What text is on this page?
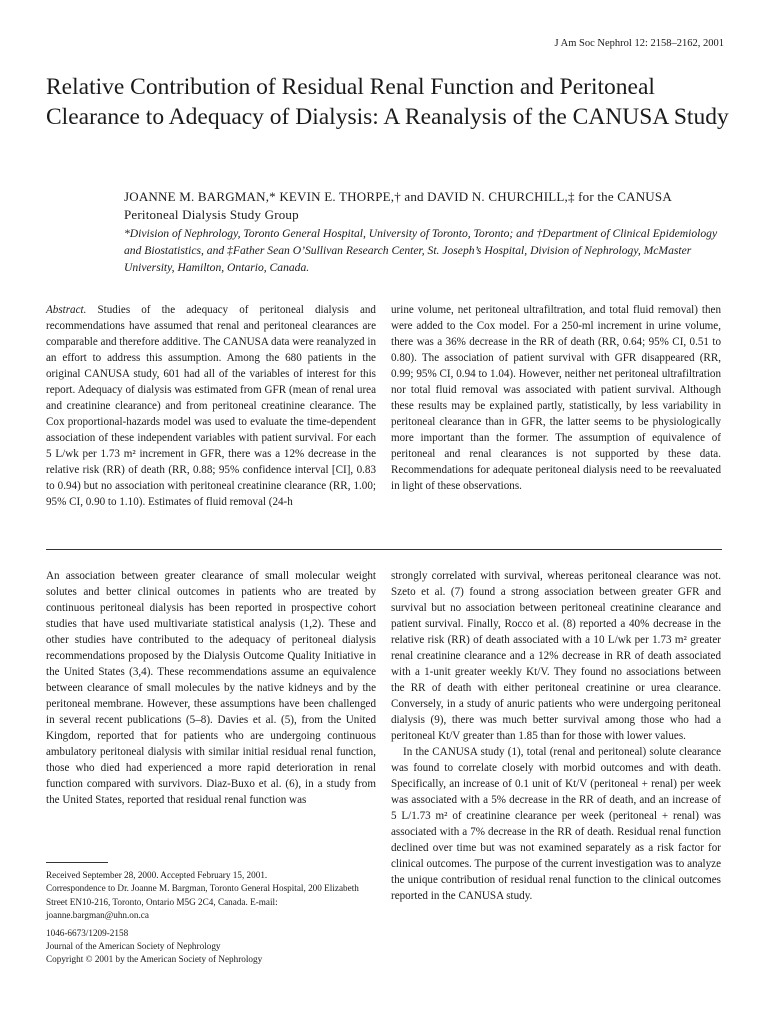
J Am Soc Nephrol 12: 2158–2162, 2001
Relative Contribution of Residual Renal Function and Peritoneal Clearance to Adequacy of Dialysis: A Reanalysis of the CANUSA Study
JOANNE M. BARGMAN,* KEVIN E. THORPE,† and DAVID N. CHURCHILL,‡ for the CANUSA Peritoneal Dialysis Study Group
*Division of Nephrology, Toronto General Hospital, University of Toronto, Toronto; and †Department of Clinical Epidemiology and Biostatistics, and ‡Father Sean O’Sullivan Research Center, St. Joseph’s Hospital, Division of Nephrology, McMaster University, Hamilton, Ontario, Canada.

Abstract. Studies of the adequacy of peritoneal dialysis and recommendations have assumed that renal and peritoneal clearances are comparable and therefore additive. The CANUSA data were reanalyzed in an effort to address this assumption. Among the 680 patients in the original CANUSA study, 601 had all of the variables of interest for this report. Adequacy of dialysis was estimated from GFR (mean of renal urea and creatinine clearance) and from peritoneal creatinine clearance. The Cox proportional-hazards model was used to evaluate the time-dependent association of these independent variables with patient survival. For each 5 L/wk per 1.73 m² increment in GFR, there was a 12% decrease in the relative risk (RR) of death (RR, 0.88; 95% confidence interval [CI], 0.83 to 0.94) but no association with peritoneal creatinine clearance (RR, 1.00; 95% CI, 0.90 to 1.10). Estimates of fluid removal (24-h

urine volume, net peritoneal ultrafiltration, and total fluid removal) then were added to the Cox model. For a 250-ml increment in urine volume, there was a 36% decrease in the RR of death (RR, 0.64; 95% CI, 0.51 to 0.80). The association of patient survival with GFR disappeared (RR, 0.99; 95% CI, 0.94 to 1.04). However, neither net peritoneal ultrafiltration nor total fluid removal was associated with patient survival. Although these results may be explained partly, statistically, by less variability in peritoneal clearance than in GFR, the latter seems to be physiologically more important than the former. The assumption of equivalence of peritoneal and renal clearances is not supported by these data. Recommendations for adequate peritoneal dialysis need to be reevaluated in light of these observations.

An association between greater clearance of small molecular weight solutes and better clinical outcomes in patients who are treated by continuous peritoneal dialysis has been reported in prospective cohort studies that have used multivariate statistical analysis (1,2). These and other studies have contributed to the adequacy of peritoneal dialysis recommendations proposed by the Dialysis Outcome Quality Initiative in the United States (3,4). These recommendations assume an equivalence between clearance of small molecules by the native kidneys and by the peritoneal membrane. However, these assumptions have been challenged in several recent publications (5–8). Davies et al. (5), from the United Kingdom, reported that for patients who are undergoing continuous ambulatory peritoneal dialysis with similar initial residual renal function, those who died had experienced a more rapid deterioration in renal function compared with survivors. Diaz-Buxo et al. (6), in a study from the United States, reported that residual renal function was

strongly correlated with survival, whereas peritoneal clearance was not. Szeto et al. (7) found a strong association between greater GFR and survival but no association between peritoneal creatinine clearance and patient survival. Finally, Rocco et al. (8) reported a 40% decrease in the relative risk (RR) of death associated with a 10 L/wk per 1.73 m² greater renal creatinine clearance and a 12% decrease in RR of death associated with a 1-unit greater weekly Kt/V. They found no associations between the RR of death with either peritoneal creatinine or urea clearance. Conversely, in a study of anuric patients who were undergoing peritoneal dialysis (9), there was much better survival among those who had a peritoneal Kt/V greater than 1.85 than for those with lower values.

In the CANUSA study (1), total (renal and peritoneal) solute clearance was found to correlate closely with morbid outcomes and with death. Specifically, an increase of 0.1 unit of Kt/V (peritoneal + renal) per week was associated with a 5% decrease in the RR of death, and an increase of 5 L/1.73 m² of creatinine clearance per week (peritoneal + renal) was associated with a 7% decrease in the RR of death. Residual renal function declined over time but was not examined separately as a risk factor for clinical outcomes. The purpose of the current investigation was to analyze the unique contribution of residual renal function to the clinical outcomes reported in the CANUSA study.

Received September 28, 2000. Accepted February 15, 2001.

Correspondence to Dr. Joanne M. Bargman, Toronto General Hospital, 200 Elizabeth Street EN10-216, Toronto, Ontario M5G 2C4, Canada. E-mail: joanne.bargman@uhn.on.ca

1046-6673/1209-2158

Journal of the American Society of Nephrology

Copyright © 2001 by the American Society of Nephrology
